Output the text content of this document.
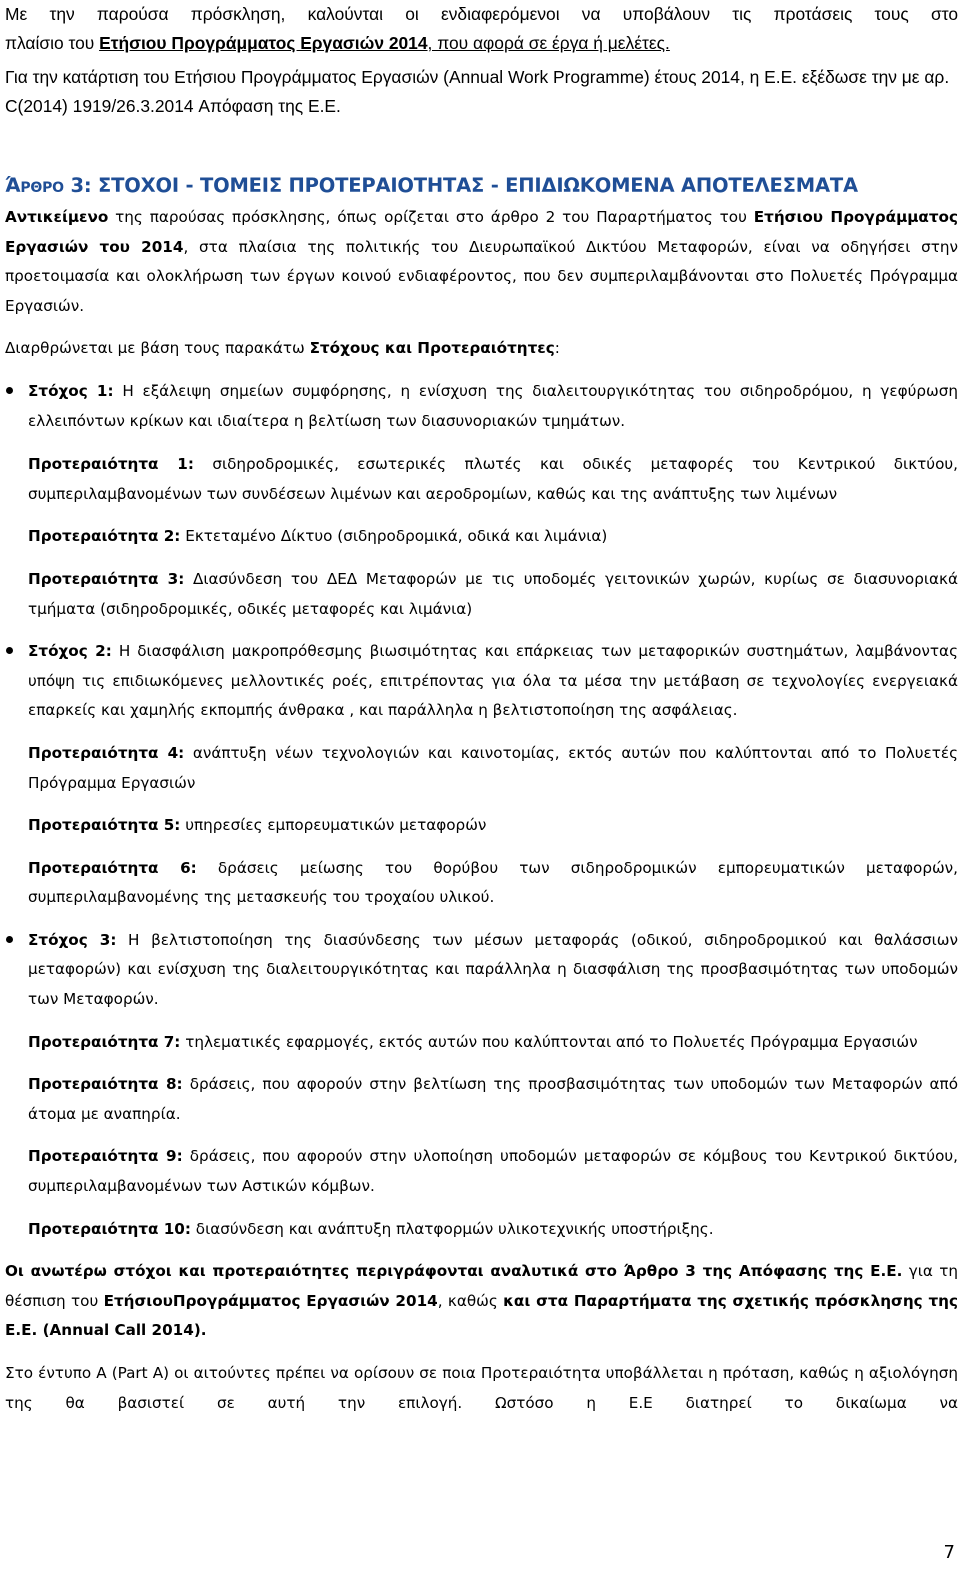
Με την παρούσα πρόσκληση, καλούνται οι ενδιαφερόμενοι να υποβάλουν τις προτάσεις τους στο
πλαίσιο του Ετήσιου Προγράμματος Εργασιών 2014, που αφορά σε έργα ή μελέτες.
Για την κατάρτιση του Ετήσιου Προγράμματος Εργασιών (Annual Work Programme) έτους 2014, η Ε.Ε. εξέδωσε την με αρ. C(2014) 1919/26.3.2014 Απόφαση της Ε.Ε.
ΆΡΘΡΟ 3: ΣΤΟΧΟΙ - ΤΟΜΕΙΣ ΠΡΟΤΕΡΑΙΟΤΗΤΑΣ - ΕΠΙΔΙΩΚΟΜΕΝΑ ΑΠΟΤΕΛΕΣΜΑΤΑ

Αντικείμενο της παρούσας πρόσκλησης, όπως ορίζεται στο άρθρο 2 του Παραρτήματος του Ετήσιου Προγράμματος Εργασιών του 2014, στα πλαίσια της πολιτικής του Διευρωπαϊκού Δικτύου Μεταφορών, είναι να οδηγήσει στην προετοιμασία και ολοκλήρωση των έργων κοινού ενδιαφέροντος, που δεν συμπεριλαμβάνονται στο Πολυετές Πρόγραμμα Εργασιών.

Διαρθρώνεται με βάση τους παρακάτω Στόχους και Προτεραιότητες:

Στόχος 1: Η εξάλειψη σημείων συμφόρησης, η ενίσχυση της διαλειτουργικότητας του σιδηροδρόμου, η γεφύρωση ελλειπόντων κρίκων και ιδιαίτερα η βελτίωση των διασυνοριακών τμημάτων.

Προτεραιότητα 1: σιδηροδρομικές, εσωτερικές πλωτές και οδικές μεταφορές του Κεντρικού δικτύου, συμπεριλαμβανομένων των συνδέσεων λιμένων και αεροδρομίων, καθώς και της ανάπτυξης των λιμένων

Προτεραιότητα 2: Εκτεταμένο Δίκτυο (σιδηροδρομικά, οδικά και λιμάνια)

Προτεραιότητα 3: Διασύνδεση του ΔΕΔ Μεταφορών με τις υποδομές γειτονικών χωρών, κυρίως σε διασυνοριακά τμήματα (σιδηροδρομικές, οδικές μεταφορές και λιμάνια)

Στόχος 2: Η διασφάλιση μακροπρόθεσμης βιωσιμότητας και επάρκειας των μεταφορικών συστημάτων, λαμβάνοντας υπόψη τις επιδιωκόμενες μελλοντικές ροές, επιτρέποντας για όλα τα μέσα την μετάβαση σε τεχνολογίες ενεργειακά επαρκείς και χαμηλής εκπομπής άνθρακα , και παράλληλα η βελτιστοποίηση της ασφάλειας.

Προτεραιότητα 4: ανάπτυξη νέων τεχνολογιών και καινοτομίας, εκτός αυτών που καλύπτονται από το Πολυετές Πρόγραμμα Εργασιών

Προτεραιότητα 5: υπηρεσίες εμπορευματικών μεταφορών

Προτεραιότητα 6: δράσεις μείωσης του θορύβου των σιδηροδρομικών εμπορευματικών μεταφορών, συμπεριλαμβανομένης της μετασκευής του τροχαίου υλικού.

Στόχος 3: Η βελτιστοποίηση της διασύνδεσης των μέσων μεταφοράς (οδικού, σιδηροδρομικού και θαλάσσιων μεταφορών) και ενίσχυση της διαλειτουργικότητας και παράλληλα η διασφάλιση της προσβασιμότητας των υποδομών των Μεταφορών.

Προτεραιότητα 7: τηλεματικές εφαρμογές, εκτός αυτών που καλύπτονται από το Πολυετές Πρόγραμμα Εργασιών

Προτεραιότητα 8: δράσεις, που αφορούν στην βελτίωση της προσβασιμότητας των υποδομών των Μεταφορών από άτομα με αναπηρία.

Προτεραιότητα 9: δράσεις, που αφορούν στην υλοποίηση υποδομών μεταφορών σε κόμβους του Κεντρικού δικτύου, συμπεριλαμβανομένων των Αστικών κόμβων.

Προτεραιότητα 10: διασύνδεση και ανάπτυξη πλατφορμών υλικοτεχνικής υποστήριξης.

Οι ανωτέρω στόχοι και προτεραιότητες περιγράφονται αναλυτικά στο Άρθρο 3 της Απόφασης της Ε.Ε. για τη θέσπιση του ΕτήσιουΠρογράμματος Εργασιών 2014, καθώς και στα Παραρτήματα της σχετικής πρόσκλησης της Ε.Ε. (Annual Call 2014).

Στο έντυπο Α (Part A) οι αιτούντες πρέπει να ορίσουν σε ποια Προτεραιότητα υποβάλλεται η πρόταση, καθώς η αξιολόγηση της θα βασιστεί σε αυτή την επιλογή. Ωστόσο η Ε.Ε διατηρεί το δικαίωμα να

7
